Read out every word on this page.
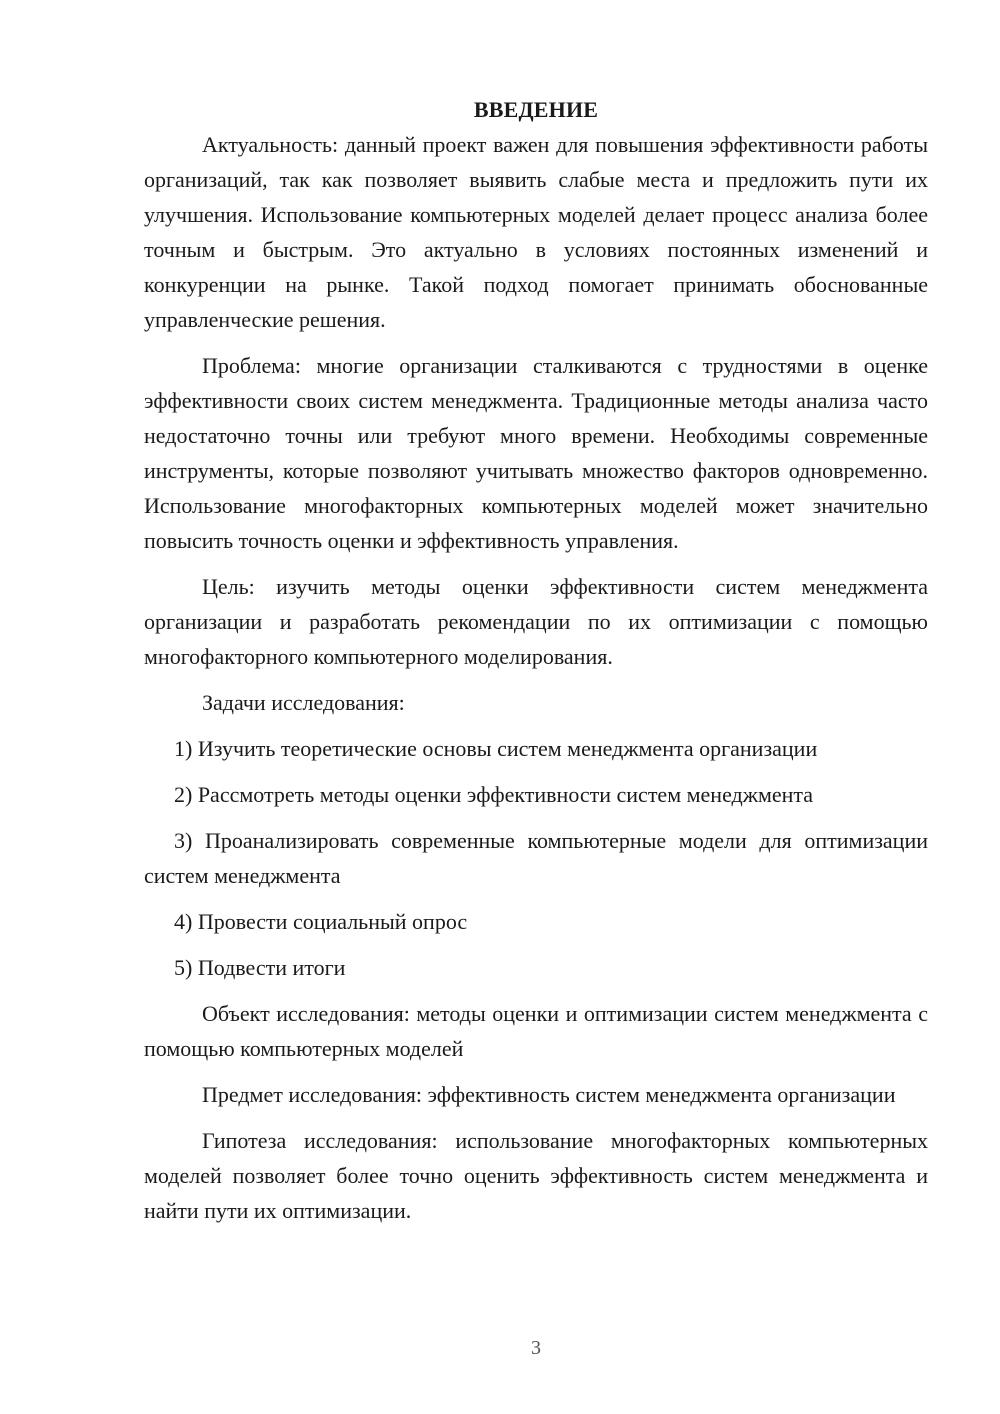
ВВЕДЕНИЕ

Актуальность: данный проект важен для повышения эффективности работы организаций, так как позволяет выявить слабые места и предложить пути их улучшения. Использование компьютерных моделей делает процесс анализа более точным и быстрым. Это актуально в условиях постоянных изменений и конкуренции на рынке. Такой подход помогает принимать обоснованные управленческие решения.

Проблема: многие организации сталкиваются с трудностями в оценке эффективности своих систем менеджмента. Традиционные методы анализа часто недостаточно точны или требуют много времени. Необходимы современные инструменты, которые позволяют учитывать множество факторов одновременно. Использование многофакторных компьютерных моделей может значительно повысить точность оценки и эффективность управления.

Цель: изучить методы оценки эффективности систем менеджмента организации и разработать рекомендации по их оптимизации с помощью многофакторного компьютерного моделирования.

Задачи исследования:

1) Изучить теоретические основы систем менеджмента организации

2) Рассмотреть методы оценки эффективности систем менеджмента

3) Проанализировать современные компьютерные модели для оптимизации систем менеджмента

4) Провести социальный опрос

5) Подвести итоги

Объект исследования: методы оценки и оптимизации систем менеджмента с помощью компьютерных моделей

Предмет исследования: эффективность систем менеджмента организации

Гипотеза исследования: использование многофакторных компьютерных моделей позволяет более точно оценить эффективность систем менеджмента и найти пути их оптимизации.

3
